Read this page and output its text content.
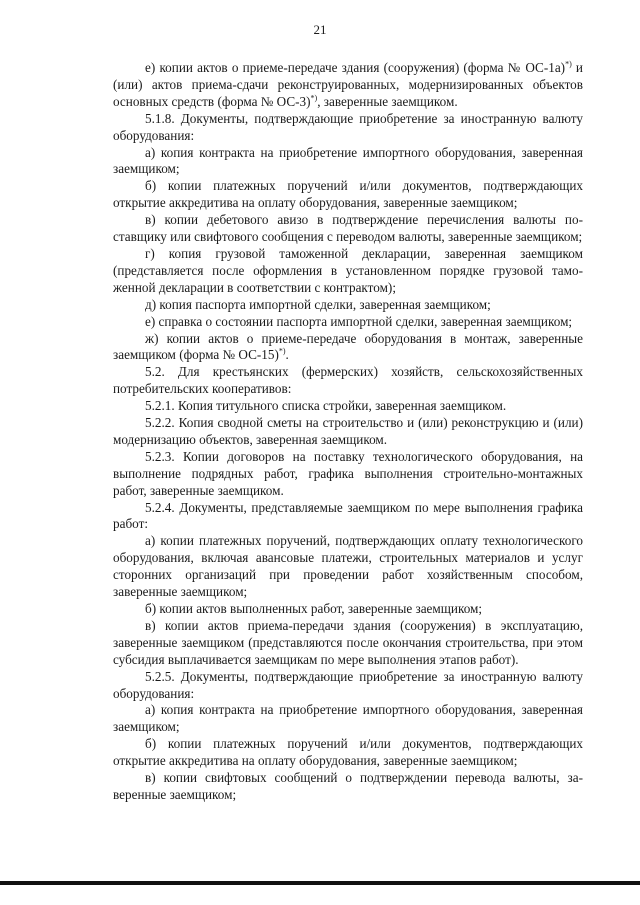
21

е) копии актов о приеме-передаче здания (сооружения) (форма № ОС-1а)*) и (или) актов приема-сдачи реконструированных, модернизированных объектов основных средств (форма № ОС-3)*), заверенные заемщиком.

5.1.8. Документы, подтверждающие приобретение за иностранную валюту оборудования:

а) копия контракта на приобретение импортного оборудования, заверенная заемщиком;

б) копии платежных поручений и/или документов, подтверждающих открытие аккредитива на оплату оборудования, заверенные заемщиком;

в) копии дебетового авизо в подтверждение перечисления валюты поставщику или свифтового сообщения с переводом валюты, заверенные заемщиком;

г) копия грузовой таможенной декларации, заверенная заемщиком (представляется после оформления в установленном порядке грузовой таможенной декларации в соответствии с контрактом);

д) копия паспорта импортной сделки, заверенная заемщиком;

е) справка о состоянии паспорта импортной сделки, заверенная заемщиком;

ж) копии актов о приеме-передаче оборудования в монтаж, заверенные заемщиком (форма № ОС-15)*).

5.2. Для крестьянских (фермерских) хозяйств, сельскохозяйственных потребительских кооперативов:

5.2.1. Копия титульного списка стройки, заверенная заемщиком.

5.2.2. Копия сводной сметы на строительство и (или) реконструкцию и (или) модернизацию объектов, заверенная заемщиком.

5.2.3. Копии договоров на поставку технологического оборудования, на выполнение подрядных работ, графика выполнения строительно-монтажных работ, заверенные заемщиком.

5.2.4. Документы, представляемые заемщиком по мере выполнения графика работ:

а) копии платежных поручений, подтверждающих оплату технологического оборудования, включая авансовые платежи, строительных материалов и услуг сторонних организаций при проведении работ хозяйственным способом, заверенные заемщиком;

б) копии актов выполненных работ, заверенные заемщиком;

в) копии актов приема-передачи здания (сооружения) в эксплуатацию, заверенные заемщиком (представляются после окончания строительства, при этом субсидия выплачивается заемщикам по мере выполнения этапов работ).

5.2.5. Документы, подтверждающие приобретение за иностранную валюту оборудования:

а) копия контракта на приобретение импортного оборудования, заверенная заемщиком;

б) копии платежных поручений и/или документов, подтверждающих открытие аккредитива на оплату оборудования, заверенные заемщиком;

в) копии свифтовых сообщений о подтверждении перевода валюты, заверенные заемщиком;
